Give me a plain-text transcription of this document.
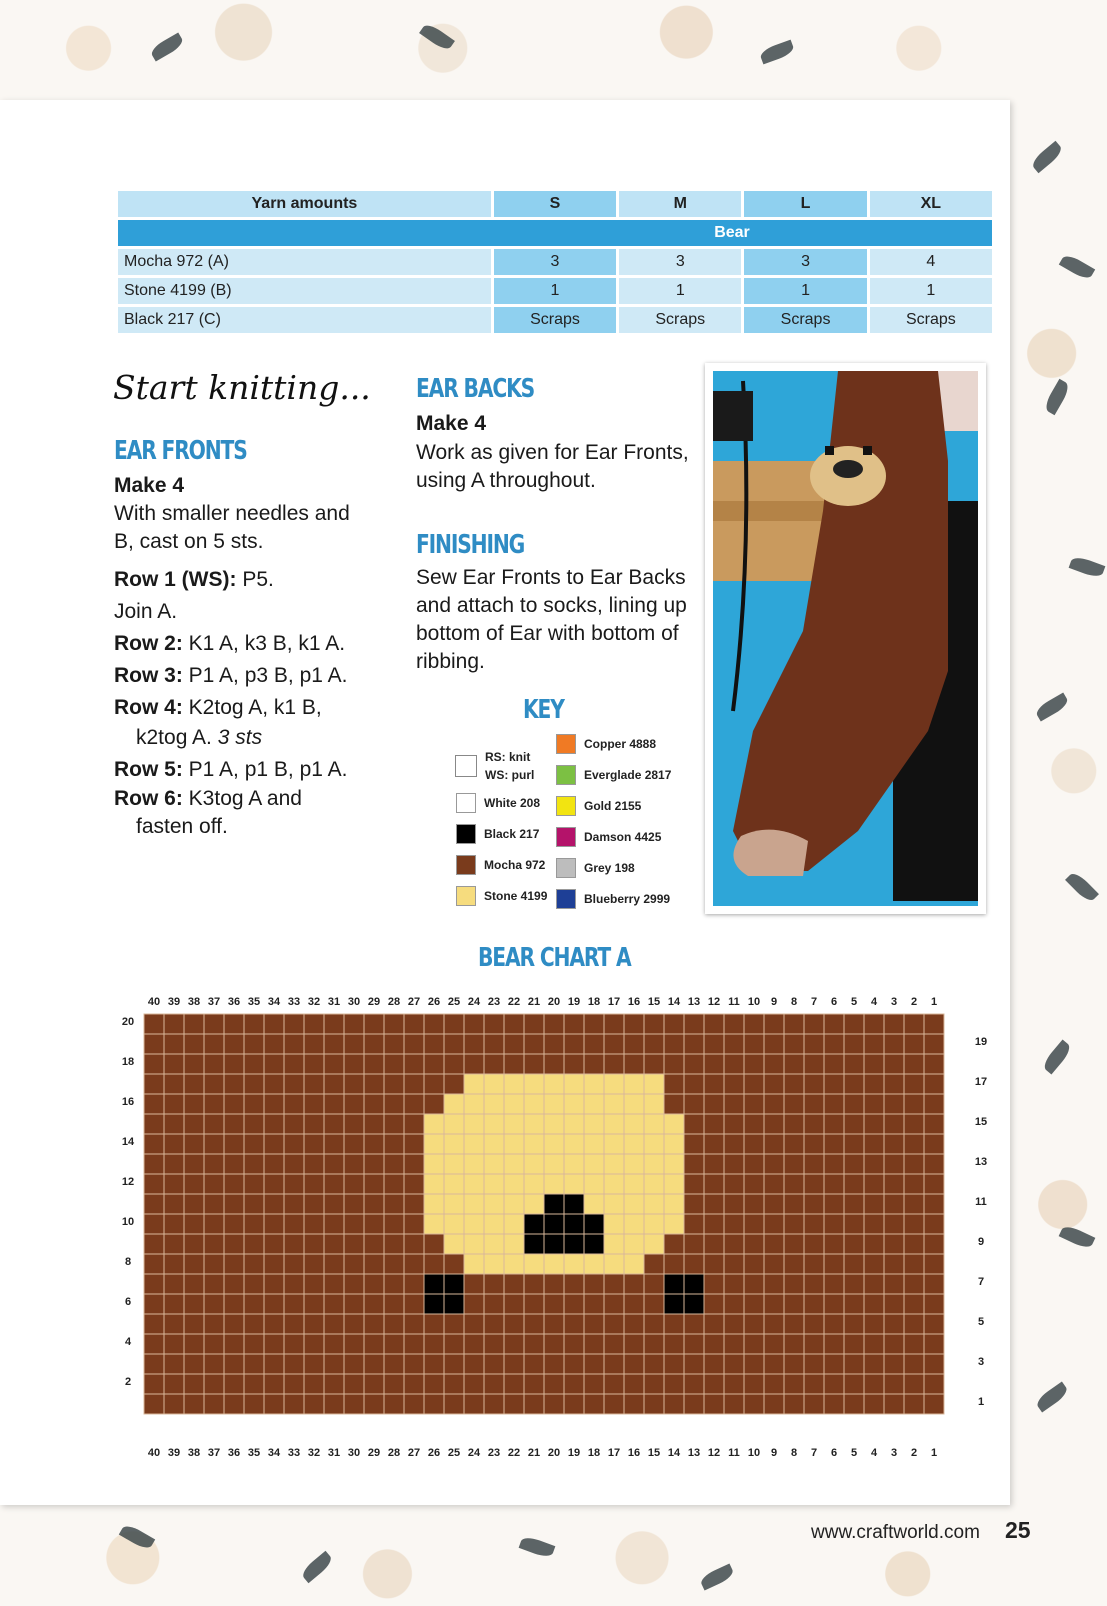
Yarn amounts	S	M	L	XL
Bear				
Mocha 972 (A)	3	3	3	4
Stone 4199 (B)	1	1	1	1
Black 217 (C)	Scraps	Scraps	Scraps	Scraps
Start knitting...
EAR FRONTS
Make 4
With smaller needles and B, cast on 5 sts.
Row 1 (WS): P5.
Join A.
Row 2: K1 A, k3 B, k1 A.
Row 3: P1 A, p3 B, p1 A.
Row 4: K2tog A, k1 B,
k2tog A. 3 sts
Row 5: P1 A, p1 B, p1 A.
Row 6: K3tog A and
fasten off.
EAR BACKS
Make 4
Work as given for Ear Fronts, using A throughout.
FINISHING
Sew Ear Fronts to Ear Backs and attach to socks, lining up bottom of Ear with bottom of ribbing.
KEY
RS: knit
WS: purl
White 208
Black 217
Mocha 972
Stone 4199
Copper 4888
Everglade 2817
Gold 2155
Damson 4425
Grey 198
Blueberry 2999
BEAR CHART A
40 39 38 37 36 35 34 33 32 31 30 29 28 27 26 25 24 23 22 21 20 19 18 17 16 15 14 13 12 11 10 9	8	7	6	5	4	3	2	1
40 39 38 37 36 35 34 33 32 31 30 29 28 27 26 25 24 23 22 21 20 19 18 17 16 15 14 13 12 11 10 9	8	7	6	5	4	3	2	1
1
2
3
4
5
6
7
8
9
10
11
12
13
14
15
16
17
18
19
20
www.craftworld.com 25
